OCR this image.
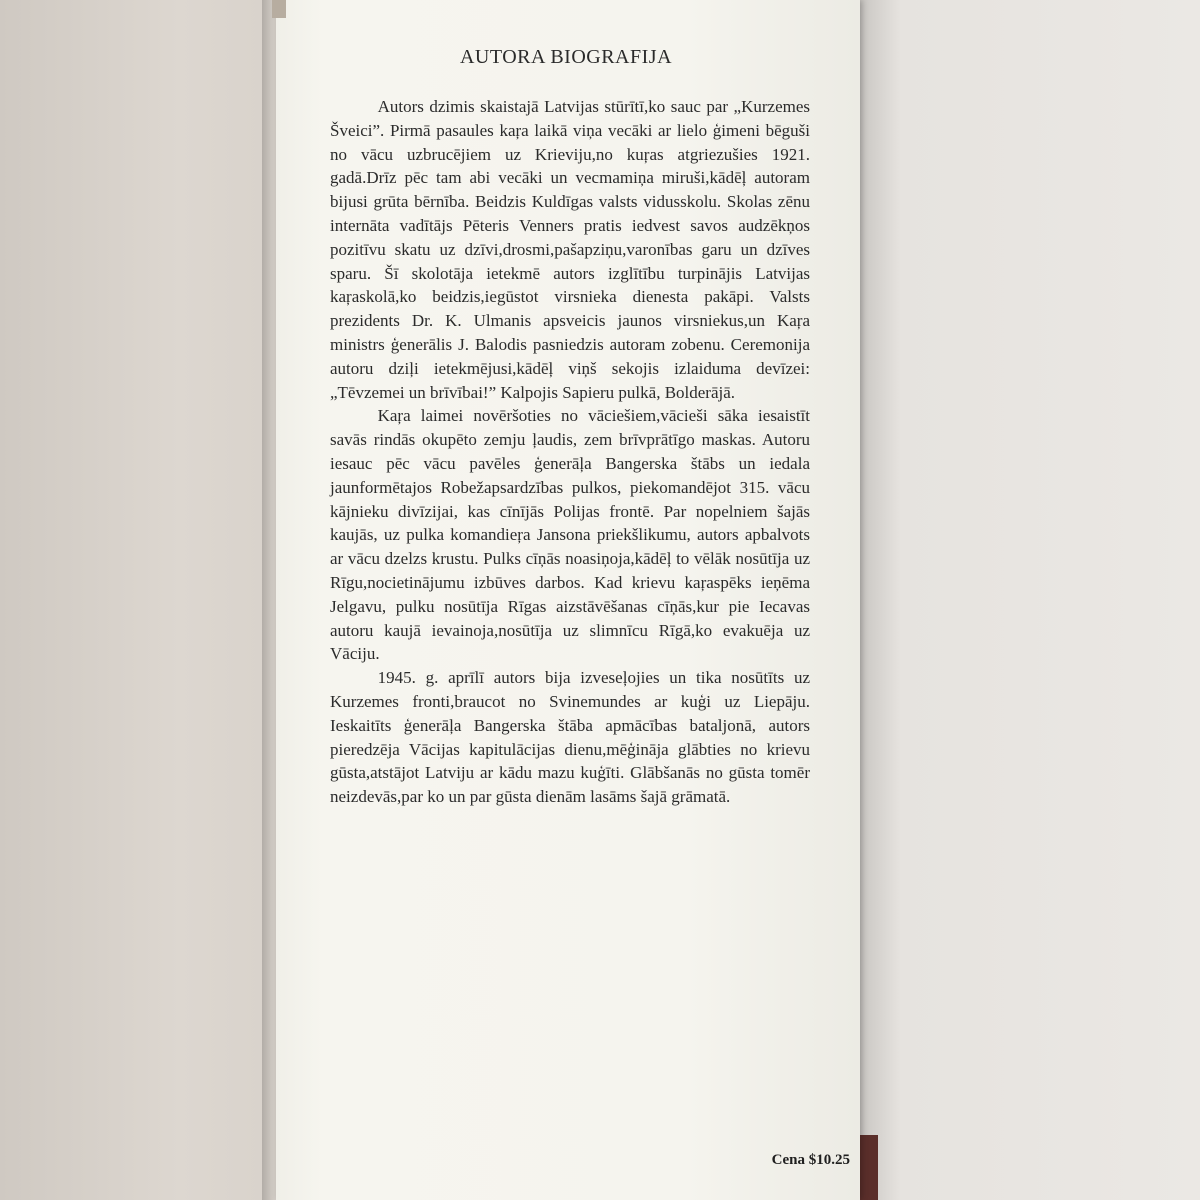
AUTORA BIOGRAFIJA

Autors dzimis skaistajā Latvijas stūrītī,ko sauc par „Kurzemes Šveici”. Pirmā pasaules kaŗa laikā viņa vecāki ar lielo ģimeni bēguši no vācu uzbrucējiem uz Krieviju,no kuŗas atgriezušies 1921. gadā.Drīz pēc tam abi vecāki un vecmamiņa miruši,kādēļ autoram bijusi grūta bērnība. Beidzis Kuldīgas valsts vidusskolu. Skolas zēnu internāta vadītājs Pēteris Venners pratis iedvest savos audzēkņos pozitīvu skatu uz dzīvi,drosmi,pašapziņu,varonības garu un dzīves sparu. Šī skolotāja ietekmē autors izglītību turpinājis Latvijas kaŗaskolā,ko beidzis,iegūstot virsnieka dienesta pakāpi. Valsts prezidents Dr. K. Ulmanis apsveicis jaunos virsniekus,un Kaŗa ministrs ģenerālis J. Balodis pasniedzis autoram zobenu. Ceremonija autoru dziļi ietekmējusi,kādēļ viņš sekojis izlaiduma devīzei: „Tēvzemei un brīvībai!” Kalpojis Sapieru pulkā, Bolderājā.

Kaŗa laimei novēršoties no vāciešiem,vācieši sāka iesaistīt savās rindās okupēto zemju ļaudis, zem brīvprātīgo maskas. Autoru iesauc pēc vācu pavēles ģenerāļa Bangerska štābs un iedala jaunformētajos Robežapsardzības pulkos, piekomandējot 315. vācu kājnieku divīzijai, kas cīnījās Polijas frontē. Par nopelniem šajās kaujās, uz pulka komandieŗa Jansona priekšlikumu, autors apbalvots ar vācu dzelzs krustu. Pulks cīņās noasiņoja,kādēļ to vēlāk nosūtīja uz Rīgu,nocietinājumu izbūves darbos. Kad krievu kaŗaspēks ieņēma Jelgavu, pulku nosūtīja Rīgas aizstāvēšanas cīņās,kur pie Iecavas autoru kaujā ievainoja,nosūtīja uz slimnīcu Rīgā,ko evakuēja uz Vāciju.

1945. g. aprīlī autors bija izveseļojies un tika nosūtīts uz Kurzemes fronti,braucot no Svinemundes ar kuģi uz Liepāju. Ieskaitīts ģenerāļa Bangerska štāba apmācības bataljonā, autors pieredzēja Vācijas kapitulācijas dienu,mēģināja glābties no krievu gūsta,atstājot Latviju ar kādu mazu kuģīti. Glābšanās no gūsta tomēr neizdevās,par ko un par gūsta dienām lasāms šajā grāmatā.

Cena $10.25
